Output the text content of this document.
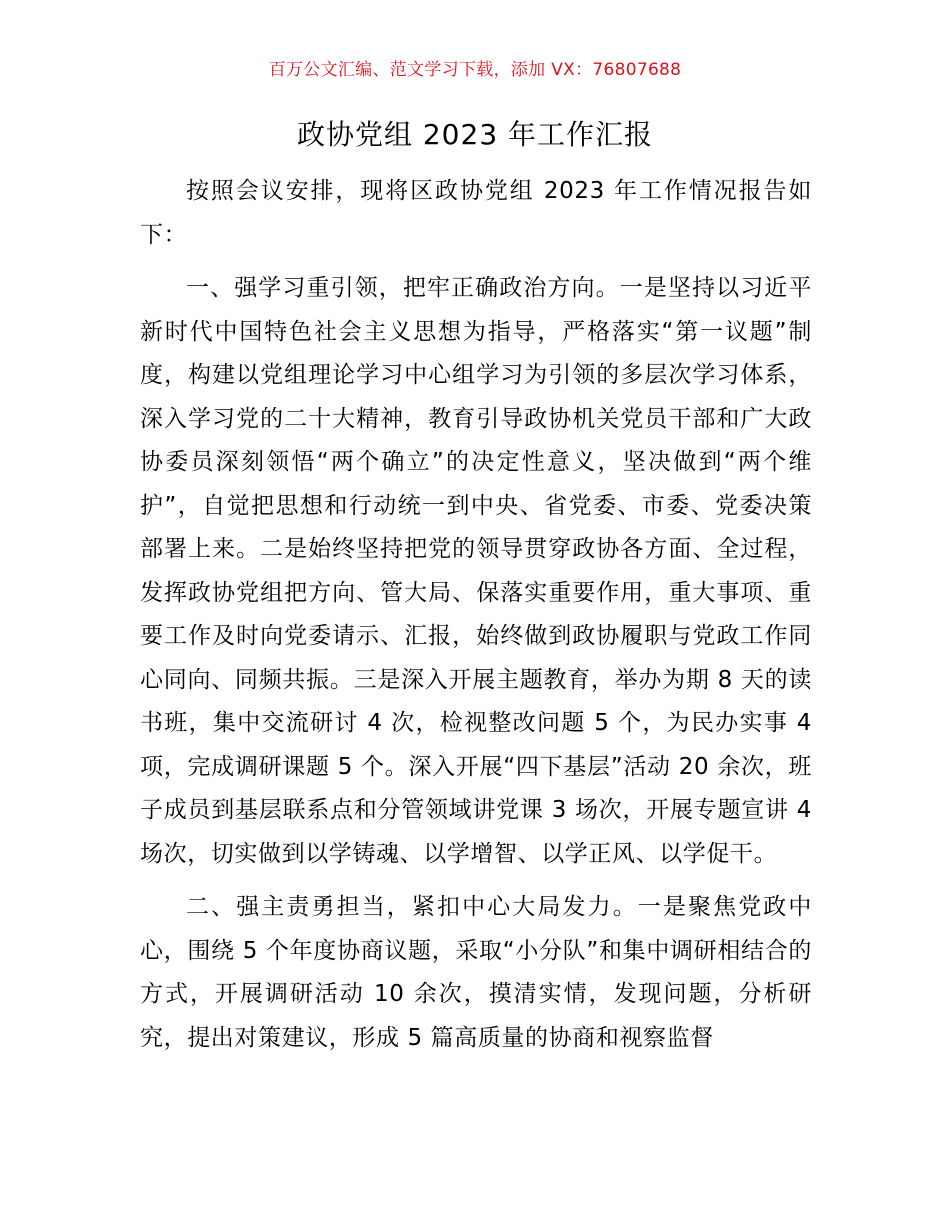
百万公文汇编、范文学习下载，添加 VX：76807688
政协党组 2023 年工作汇报

按照会议安排，现将区政协党组 2023 年工作情况报告如下：

一、强学习重引领，把牢正确政治方向。一是坚持以习近平新时代中国特色社会主义思想为指导，严格落实“第一议题”制度，构建以党组理论学习中心组学习为引领的多层次学习体系，深入学习党的二十大精神，教育引导政协机关党员干部和广大政协委员深刻领悟“两个确立”的决定性意义，坚决做到“两个维护”，自觉把思想和行动统一到中央、省党委、市委、党委决策部署上来。二是始终坚持把党的领导贯穿政协各方面、全过程，发挥政协党组把方向、管大局、保落实重要作用，重大事项、重要工作及时向党委请示、汇报，始终做到政协履职与党政工作同心同向、同频共振。三是深入开展主题教育，举办为期 8 天的读书班，集中交流研讨 4 次，检视整改问题 5 个，为民办实事 4 项，完成调研课题 5 个。深入开展“四下基层”活动 20 余次，班子成员到基层联系点和分管领域讲党课 3 场次，开展专题宣讲 4 场次，切实做到以学铸魂、以学增智、以学正风、以学促干。

二、强主责勇担当，紧扣中心大局发力。一是聚焦党政中心，围绕 5 个年度协商议题，采取“小分队”和集中调研相结合的方式，开展调研活动 10 余次，摸清实情，发现问题，分析研究，提出对策建议，形成 5 篇高质量的协商和视察监督
